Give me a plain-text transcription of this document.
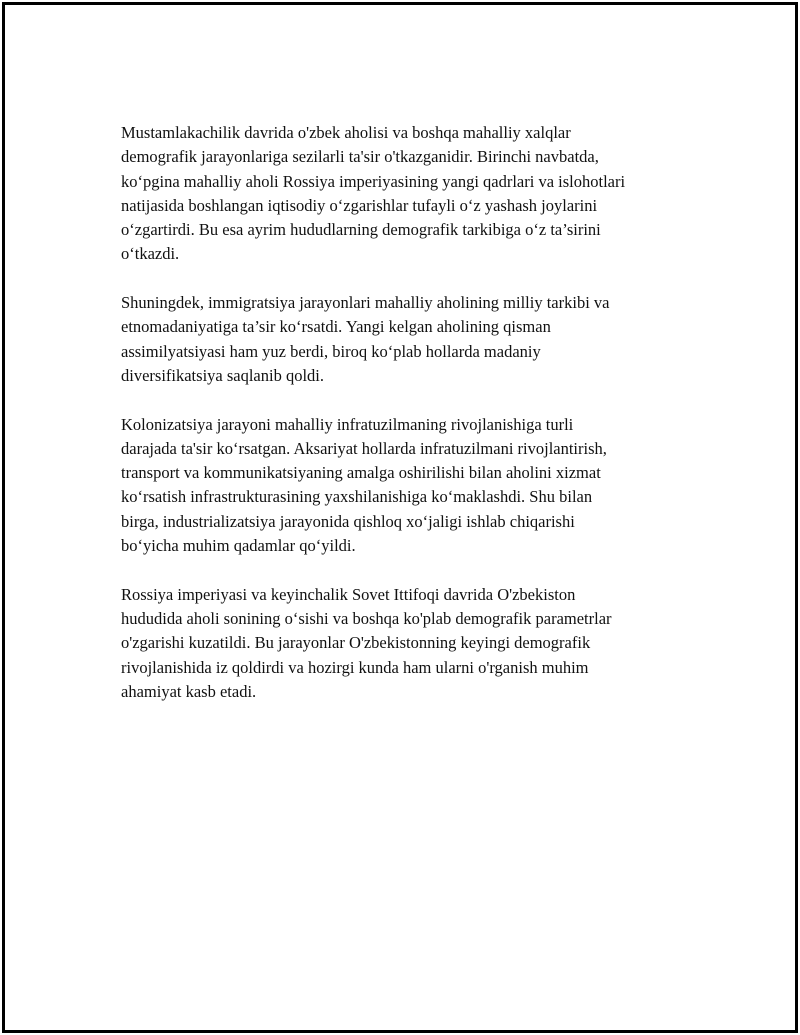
Mustamlakachilik davrida o'zbek aholisi va boshqa mahalliy xalqlar
demografik jarayonlariga sezilarli ta'sir o'tkazganidir. Birinchi navbatda,
ko‘pgina mahalliy aholi Rossiya imperiyasining yangi qadrlari va islohotlari
natijasida boshlangan iqtisodiy o‘zgarishlar tufayli o‘z yashash joylarini
o‘zgartirdi. Bu esa ayrim hududlarning demografik tarkibiga o‘z ta’sirini
o‘tkazdi.

Shuningdek, immigratsiya jarayonlari mahalliy aholining milliy tarkibi va
etnomadaniyatiga ta’sir ko‘rsatdi. Yangi kelgan aholining qisman
assimilyatsiyasi ham yuz berdi, biroq ko‘plab hollarda madaniy
diversifikatsiya saqlanib qoldi.

Kolonizatsiya jarayoni mahalliy infratuzilmaning rivojlanishiga turli
darajada ta'sir ko‘rsatgan. Aksariyat hollarda infratuzilmani rivojlantirish,
transport va kommunikatsiyaning amalga oshirilishi bilan aholini xizmat
ko‘rsatish infrastrukturasining yaxshilanishiga ko‘maklashdi. Shu bilan
birga, industrializatsiya jarayonida qishloq xo‘jaligi ishlab chiqarishi
bo‘yicha muhim qadamlar qo‘yildi.

Rossiya imperiyasi va keyinchalik Sovet Ittifoqi davrida O'zbekiston
hududida aholi sonining o‘sishi va boshqa ko'plab demografik parametrlar
o'zgarishi kuzatildi. Bu jarayonlar O'zbekistonning keyingi demografik
rivojlanishida iz qoldirdi va hozirgi kunda ham ularni o'rganish muhim
ahamiyat kasb etadi.
